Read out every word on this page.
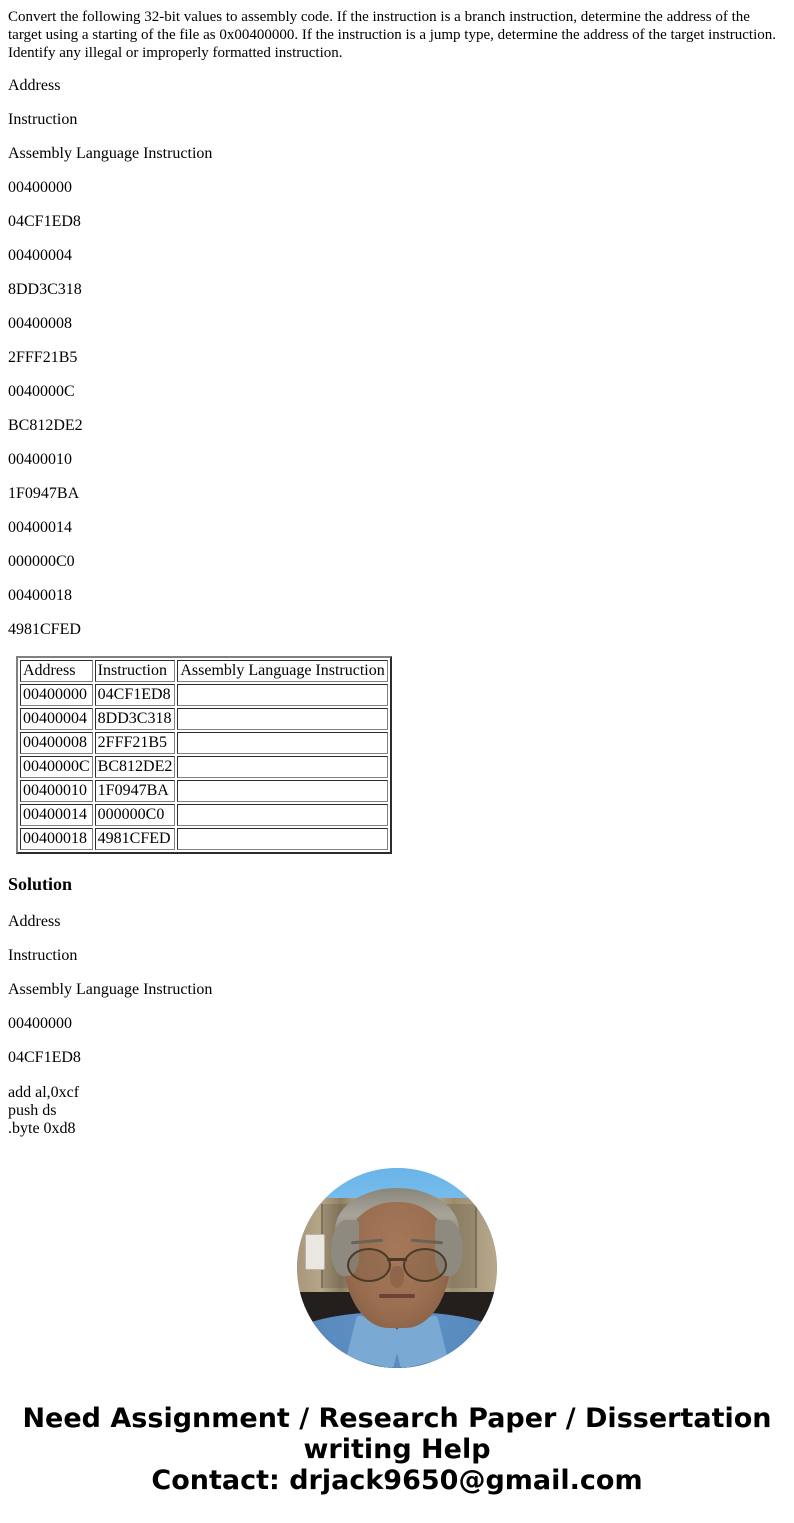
Convert the following 32-bit values to assembly code. If the instruction is a branch instruction, determine the address of the target using a starting of the file as 0x00400000. If the instruction is a jump type, determine the address of the target instruction. Identify any illegal or improperly formatted instruction.

Address

Instruction

Assembly Language Instruction

00400000

04CF1ED8

00400004

8DD3C318

00400008

2FFF21B5

0040000C

BC812DE2

00400010

1F0947BA

00400014

000000C0

00400018

4981CFED

Address	Instruction	Assembly Language Instruction
00400000	04CF1ED8	
00400004	8DD3C318	
00400008	2FFF21B5	
0040000C	BC812DE2	
00400010	1F0947BA	
00400014	000000C0	
00400018	4981CFED	
Solution

Address

Instruction

Assembly Language Instruction

00400000

04CF1ED8

add al,0xcf
push ds
.byte 0xd8

Need Assignment / Research Paper / Dissertation
writing Help
Contact: drjack9650@gmail.com
